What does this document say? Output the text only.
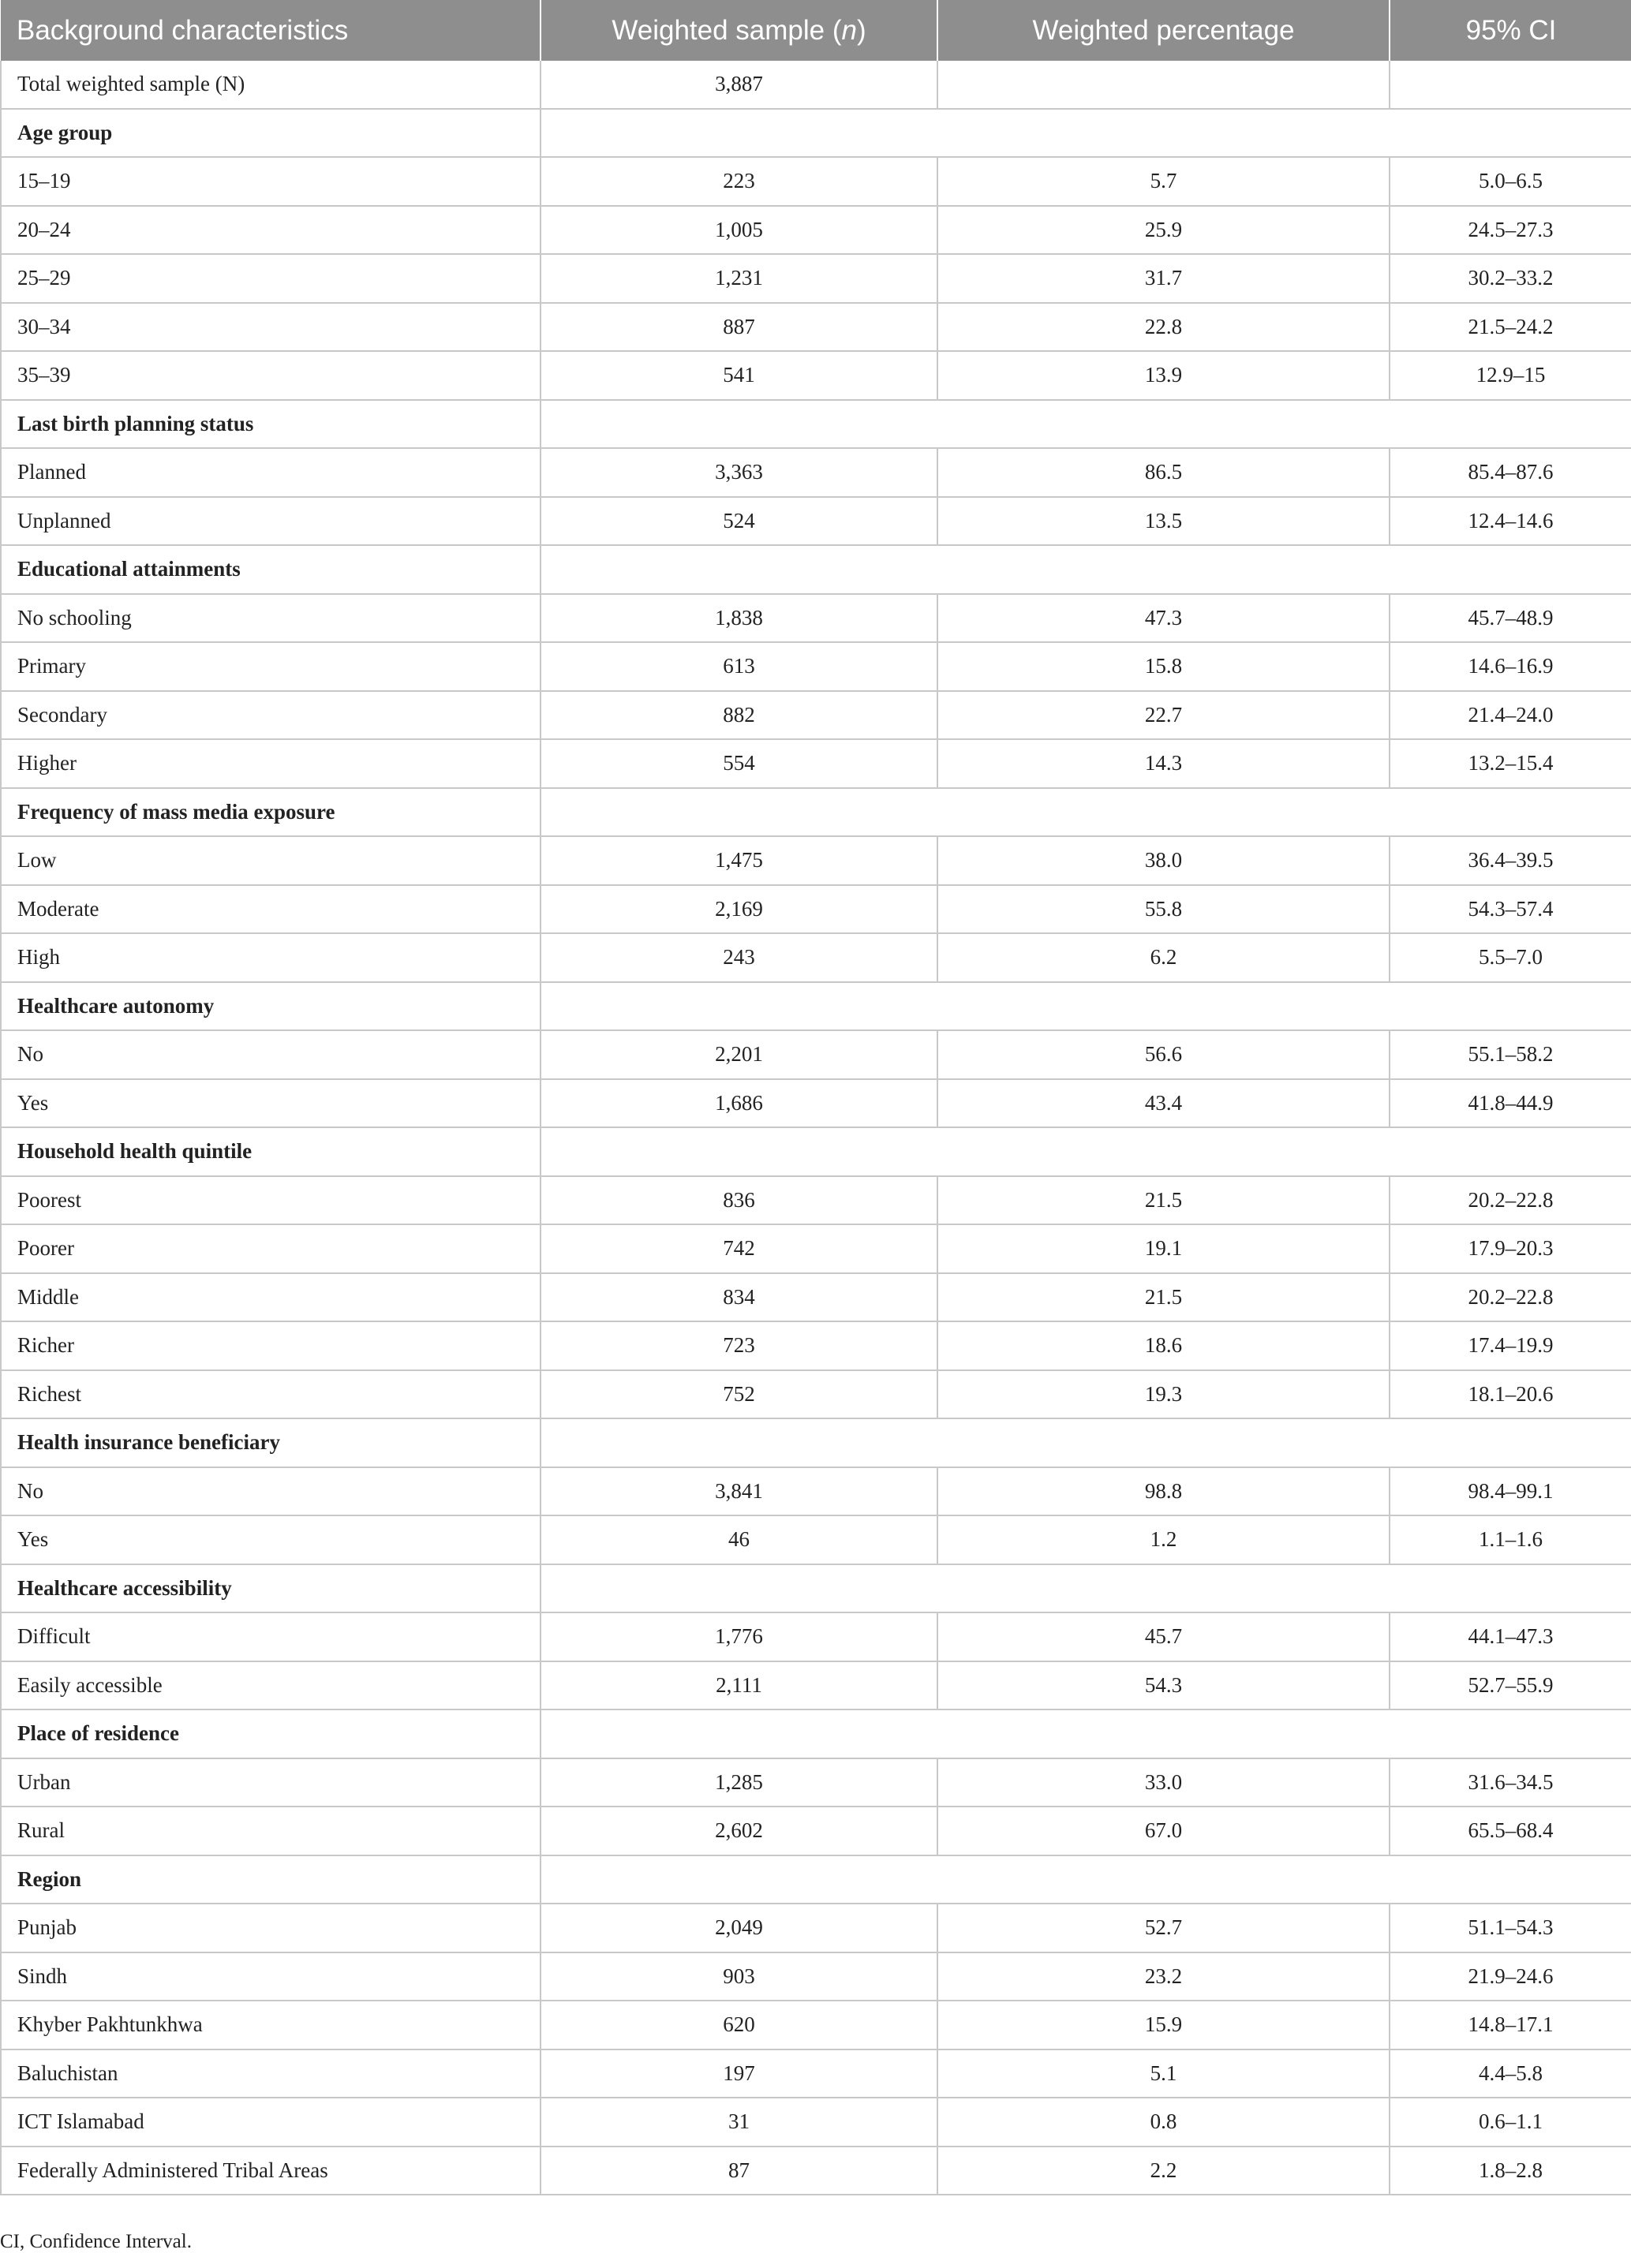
Background characteristics	Weighted sample (n)	Weighted percentage	95% CI
Total weighted sample (N)	3,887		
Age group			
15–19	223	5.7	5.0–6.5
20–24	1,005	25.9	24.5–27.3
25–29	1,231	31.7	30.2–33.2
30–34	887	22.8	21.5–24.2
35–39	541	13.9	12.9–15
Last birth planning status			
Planned	3,363	86.5	85.4–87.6
Unplanned	524	13.5	12.4–14.6
Educational attainments			
No schooling	1,838	47.3	45.7–48.9
Primary	613	15.8	14.6–16.9
Secondary	882	22.7	21.4–24.0
Higher	554	14.3	13.2–15.4
Frequency of mass media exposure			
Low	1,475	38.0	36.4–39.5
Moderate	2,169	55.8	54.3–57.4
High	243	6.2	5.5–7.0
Healthcare autonomy			
No	2,201	56.6	55.1–58.2
Yes	1,686	43.4	41.8–44.9
Household health quintile			
Poorest	836	21.5	20.2–22.8
Poorer	742	19.1	17.9–20.3
Middle	834	21.5	20.2–22.8
Richer	723	18.6	17.4–19.9
Richest	752	19.3	18.1–20.6
Health insurance beneficiary			
No	3,841	98.8	98.4–99.1
Yes	46	1.2	1.1–1.6
Healthcare accessibility			
Difficult	1,776	45.7	44.1–47.3
Easily accessible	2,111	54.3	52.7–55.9
Place of residence			
Urban	1,285	33.0	31.6–34.5
Rural	2,602	67.0	65.5–68.4
Region			
Punjab	2,049	52.7	51.1–54.3
Sindh	903	23.2	21.9–24.6
Khyber Pakhtunkhwa	620	15.9	14.8–17.1
Baluchistan	197	5.1	4.4–5.8
ICT Islamabad	31	0.8	0.6–1.1
Federally Administered Tribal Areas	87	2.2	1.8–2.8
CI, Confidence Interval.
